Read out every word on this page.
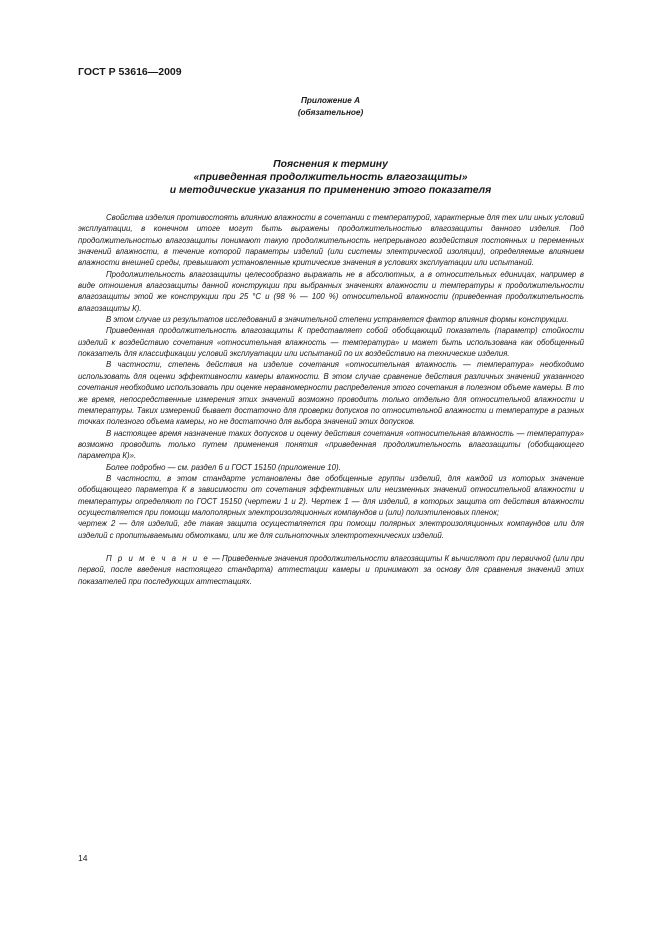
ГОСТ Р 53616—2009
Приложение А
(обязательное)
Пояснения к термину
«приведенная продолжительность влагозащиты»
и методические указания по применению этого показателя

Свойства изделия противостоять влиянию влажности в сочетании с температурой, характерные для тех или иных условий эксплуатации, в конечном итоге могут быть выражены продолжительностью влагозащиты данного изделия. Под продолжительностью влагозащиты понимают такую продолжительность непрерывного воздействия постоянных и переменных значений влажности, в течение которой параметры изделий (или системы электрической изоляции), определяемые влиянием влажности внешней среды, превышают установленные критические значения в условиях эксплуатации или испытаний.

Продолжительность влагозащиты целесообразно выражать не в абсолютных, а в относительных единицах, например в виде отношения влагозащиты данной конструкции при выбранных значениях влажности и температуры к продолжительности влагозащиты этой же конструкции при 25 °С и (98 % — 100 %) относительной влажности (приведенная продолжительность влагозащиты К).

В этом случае из результатов исследований в значительной степени устраняется фактор влияния формы конструкции.

Приведенная продолжительность влагозащиты К представляет собой обобщающий показатель (параметр) стойкости изделий к воздействию сочетания «относительная влажность — температура» и может быть использована как обобщенный показатель для классификации условий эксплуатации или испытаний по их воздействию на технические изделия.

В частности, степень действия на изделие сочетания «относительная влажность — температура» необходимо использовать для оценки эффективности камеры влажности. В этом случае сравнение действия различных значений указанного сочетания необходимо использовать при оценке неравномерности распределения этого сочетания в полезном объеме камеры. В то же время, непосредственные измерения этих значений возможно проводить только отдельно для относительной влажности и температуры. Таких измерений бывает достаточно для проверки допусков по относительной влажности и температуре в разных точках полезного объема камеры, но не достаточно для выбора значений этих допусков.

В настоящее время назначение таких допусков и оценку действия сочетания «относительная влажность — температура» возможно проводить только путем применения понятия «приведенная продолжительность влагозащиты (обобщающего параметра К)».

Более подробно — см. раздел 6 и ГОСТ 15150 (приложение 10).

В частности, в этом стандарте установлены две обобщенные группы изделий, для каждой из которых значение обобщающего параметра К в зависимости от сочетания эффективных или неизменных значений относительной влажности и температуры определяют по ГОСТ 15150 (чертежи 1 и 2). Чертеж 1 — для изделий, в которых защита от действия влажности осуществляется при помощи малополярных электроизоляционных компаундов и (или) полиэтиленовых пленок;

чертеж 2 — для изделий, где такая защита осуществляется при помощи полярных электроизоляционных компаундов или для изделий с пропитываемыми обмотками, или же для сильноточных электротехнических изделий.

П р и м е ч а н и е — Приведенные значения продолжительности влагозащиты К вычисляют при первичной (или при первой, после введения настоящего стандарта) аттестации камеры и принимают за основу для сравнения значений этих показателей при последующих аттестациях.

14
